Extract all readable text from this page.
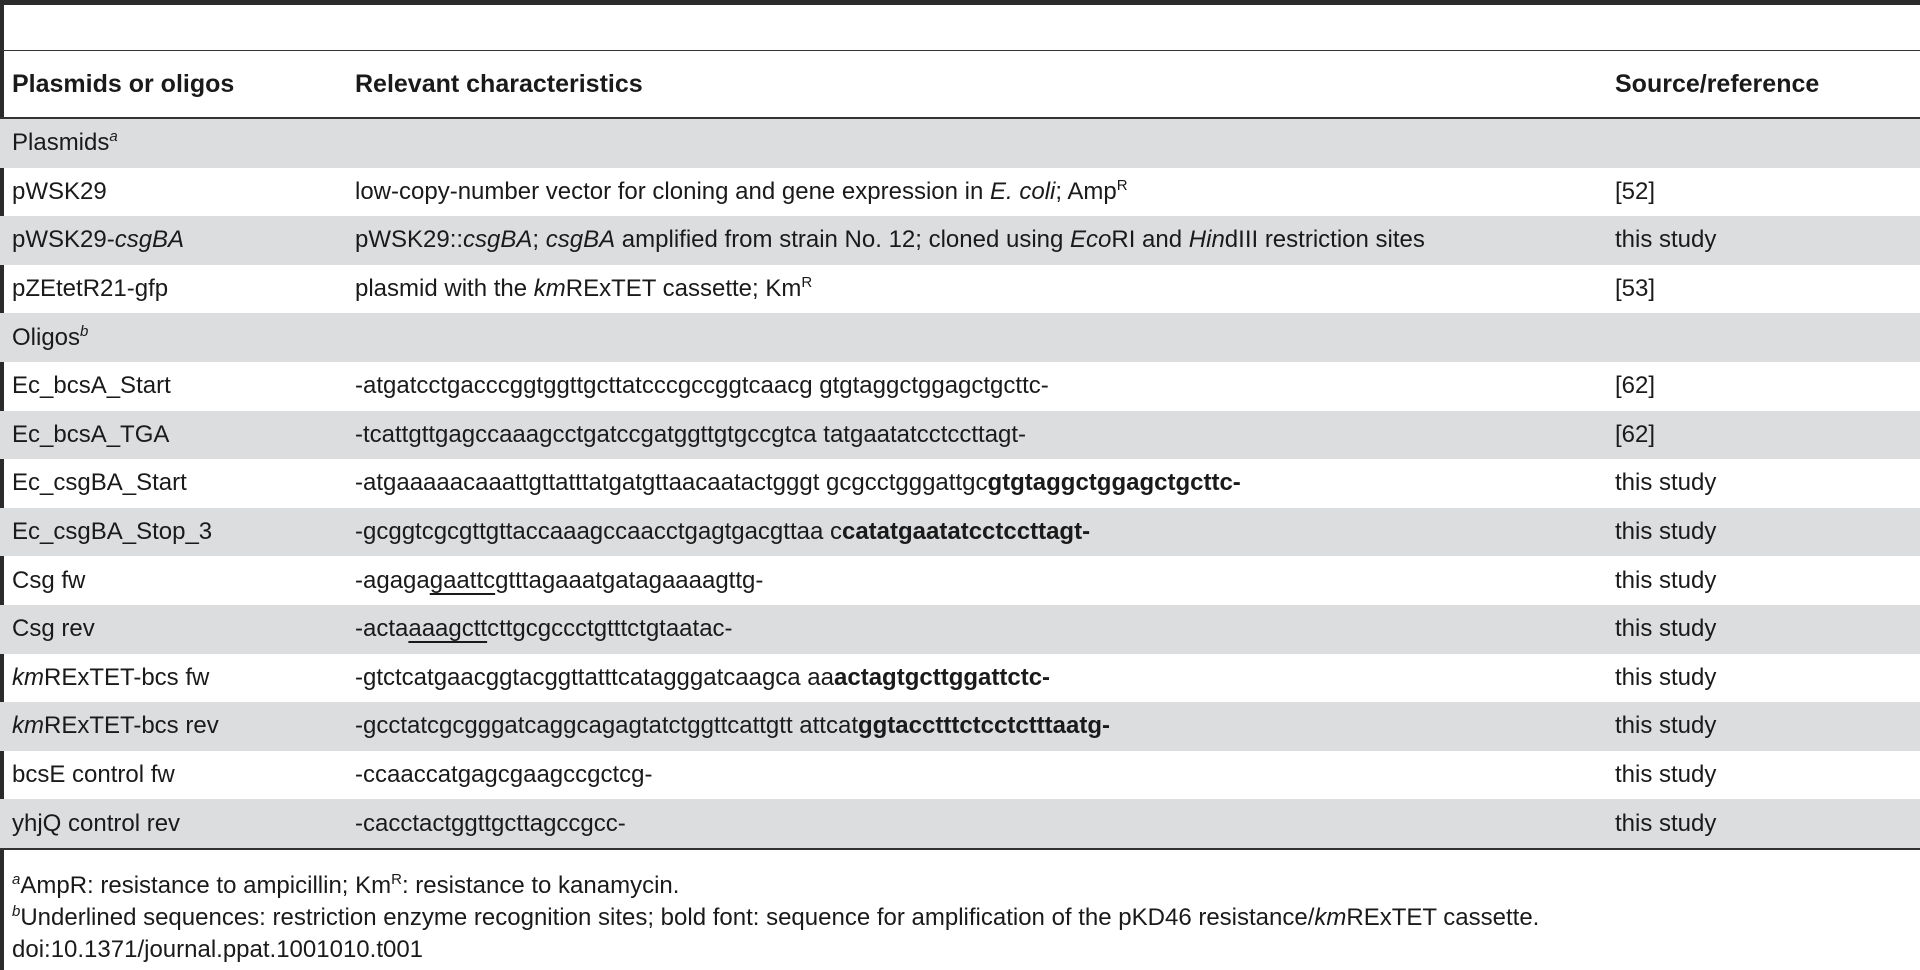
Plasmids or oligos	Relevant characteristics	Source/reference

Plasmids$^a$
pWSK29	low-copy-number vector for cloning and gene expression in E. coli; Amp$^R$	[52]
pWSK29-csgBA	pWSK29::csgBA; csgBA amplified from strain No. 12; cloned using EcoRI and HindIII restriction sites	this study
pZEtetR21-gfp	plasmid with the kmRExTET cassette; $Km^R$	[53]
Oligos$^b$
Ec_bcsA_Start	-atgatcctgacccggtggttgcttatcccgccggtcaacg gtgtaggctggagctgcttc-	[62]
Ec_bcsA_TGA	-tcattgttgagccaaagcctgatccgatggttgtgccgtca tatgaatatcctccttagt-	[62]
Ec_csgBA_Start	-atgaaaaacaaattgttatttatgatgttaacaatactgggt gcgcctgggattgcgtgtaggctggagctgcttc-	this study
Ec_csgBA_Stop_3	-gcggtcgcgttgttaccaaagccaacctgagtgacgttaa ccatatgaatatcctccttagt-	this study
Csg fw	-agagagaattcgtttagaaatgatagaaaagttg-	this study
Csg rev	-actaaaagcttcttgcgccctgtttctgtaatac-	this study
kmRExTET-bcs fw	-gtctcatgaacggtacggttatttcatagggatcaagca aaactagtgcttggattctc-	this study
kmRExTET-bcs rev	-gcctatcgcgggatcaggcagagtatctggttcattgtt attcatggtacctttctcctctttaatg-	this study
bcsE control fw	-ccaaccatgagcgaagccgctcg-	this study
yhjQ control rev	-cacctactggttgcttagccgcc-	this study
$^a$AmpR: resistance to ampicillin; $Km^R$: resistance to kanamycin.
$^b$Underlined sequences: restriction enzyme recognition sites; bold font: sequence for amplification of the pKD46 resistance/kmRExTET cassette.
doi:10.1371/journal.ppat.1001010.t001
